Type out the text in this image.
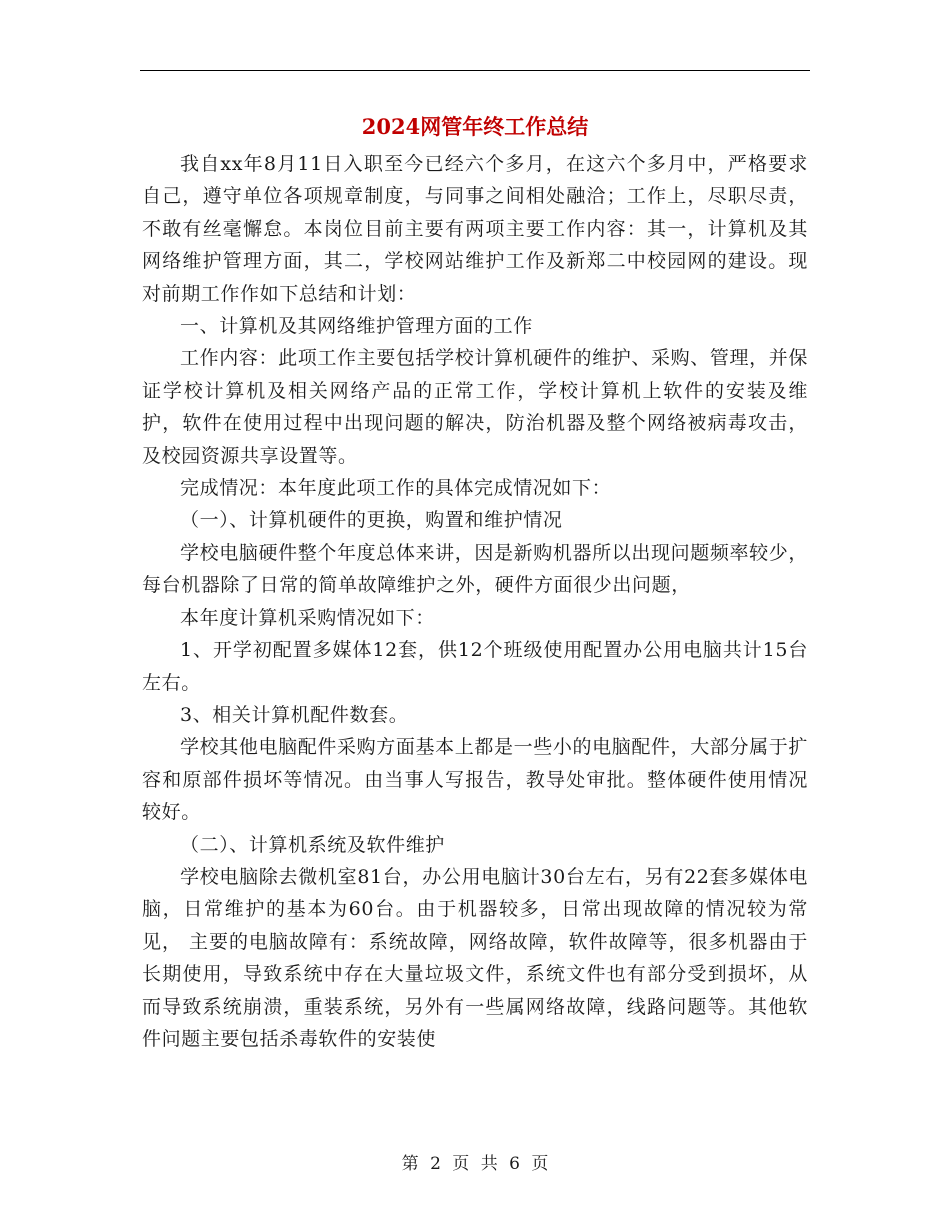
2024网管年终工作总结

我自xx年8月11日入职至今已经六个多月，在这六个多月中，严格要求自己，遵守单位各项规章制度，与同事之间相处融洽；工作上，尽职尽责，不敢有丝毫懈怠。本岗位目前主要有两项主要工作内容：其一，计算机及其网络维护管理方面，其二，学校网站维护工作及新郑二中校园网的建设。现对前期工作作如下总结和计划：

一、计算机及其网络维护管理方面的工作

工作内容：此项工作主要包括学校计算机硬件的维护、采购、管理，并保证学校计算机及相关网络产品的正常工作，学校计算机上软件的安装及维护，软件在使用过程中出现问题的解决，防治机器及整个网络被病毒攻击，及校园资源共享设置等。

完成情况：本年度此项工作的具体完成情况如下：

（一）、计算机硬件的更换，购置和维护情况

学校电脑硬件整个年度总体来讲，因是新购机器所以出现问题频率较少，每台机器除了日常的简单故障维护之外，硬件方面很少出问题，

本年度计算机采购情况如下：

1、开学初配置多媒体12套，供12个班级使用配置办公用电脑共计15台左右。

3、相关计算机配件数套。

学校其他电脑配件采购方面基本上都是一些小的电脑配件，大部分属于扩容和原部件损坏等情况。由当事人写报告，教导处审批。整体硬件使用情况较好。

（二）、计算机系统及软件维护

学校电脑除去微机室81台，办公用电脑计30台左右，另有22套多媒体电脑，日常维护的基本为60台。由于机器较多，日常出现故障的情况较为常见， 主要的电脑故障有：系统故障，网络故障，软件故障等，很多机器由于长期使用，导致系统中存在大量垃圾文件，系统文件也有部分受到损坏，从而导致系统崩溃，重装系统，另外有一些属网络故障，线路问题等。其他软件问题主要包括杀毒软件的安装使

第 2 页 共 6 页
